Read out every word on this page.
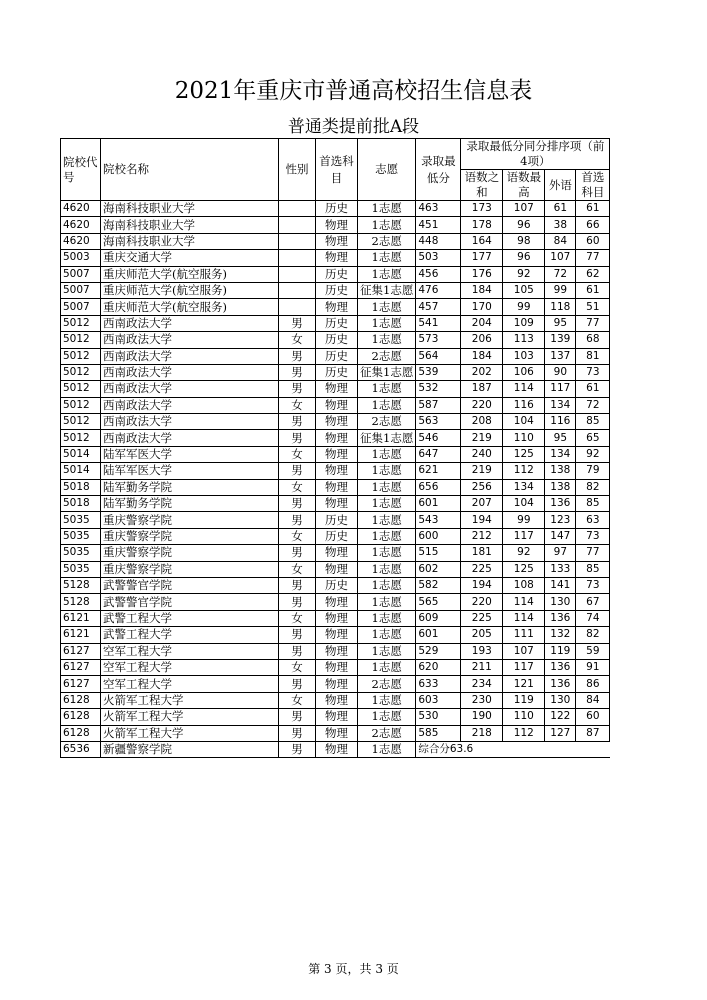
2021年重庆市普通高校招生信息表
普通类提前批A段
院校代号	院校名称	性别	首选科目	志愿	录取最低分	录取最低分同分排序项（前4项）			
						语数之和	语数最高	外语	首选科目
4620	海南科技职业大学		历史	1志愿	463	173	107	61	61
4620	海南科技职业大学		物理	1志愿	451	178	96	38	66
4620	海南科技职业大学		物理	2志愿	448	164	98	84	60
5003	重庆交通大学		物理	1志愿	503	177	96	107	77
5007	重庆师范大学(航空服务)		历史	1志愿	456	176	92	72	62
5007	重庆师范大学(航空服务)		历史	征集1志愿	476	184	105	99	61
5007	重庆师范大学(航空服务)		物理	1志愿	457	170	99	118	51
5012	西南政法大学	男	历史	1志愿	541	204	109	95	77
5012	西南政法大学	女	历史	1志愿	573	206	113	139	68
5012	西南政法大学	男	历史	2志愿	564	184	103	137	81
5012	西南政法大学	男	历史	征集1志愿	539	202	106	90	73
5012	西南政法大学	男	物理	1志愿	532	187	114	117	61
5012	西南政法大学	女	物理	1志愿	587	220	116	134	72
5012	西南政法大学	男	物理	2志愿	563	208	104	116	85
5012	西南政法大学	男	物理	征集1志愿	546	219	110	95	65
5014	陆军军医大学	女	物理	1志愿	647	240	125	134	92
5014	陆军军医大学	男	物理	1志愿	621	219	112	138	79
5018	陆军勤务学院	女	物理	1志愿	656	256	134	138	82
5018	陆军勤务学院	男	物理	1志愿	601	207	104	136	85
5035	重庆警察学院	男	历史	1志愿	543	194	99	123	63
5035	重庆警察学院	女	历史	1志愿	600	212	117	147	73
5035	重庆警察学院	男	物理	1志愿	515	181	92	97	77
5035	重庆警察学院	女	物理	1志愿	602	225	125	133	85
5128	武警警官学院	男	历史	1志愿	582	194	108	141	73
5128	武警警官学院	男	物理	1志愿	565	220	114	130	67
6121	武警工程大学	女	物理	1志愿	609	225	114	136	74
6121	武警工程大学	男	物理	1志愿	601	205	111	132	82
6127	空军工程大学	男	物理	1志愿	529	193	107	119	59
6127	空军工程大学	女	物理	1志愿	620	211	117	136	91
6127	空军工程大学	男	物理	2志愿	633	234	121	136	86
6128	火箭军工程大学	女	物理	1志愿	603	230	119	130	84
6128	火箭军工程大学	男	物理	1志愿	530	190	110	122	60
6128	火箭军工程大学	男	物理	2志愿	585	218	112	127	87
6536	新疆警察学院	男	物理	1志愿	综合分63.6				
第 3 页，共 3 页
